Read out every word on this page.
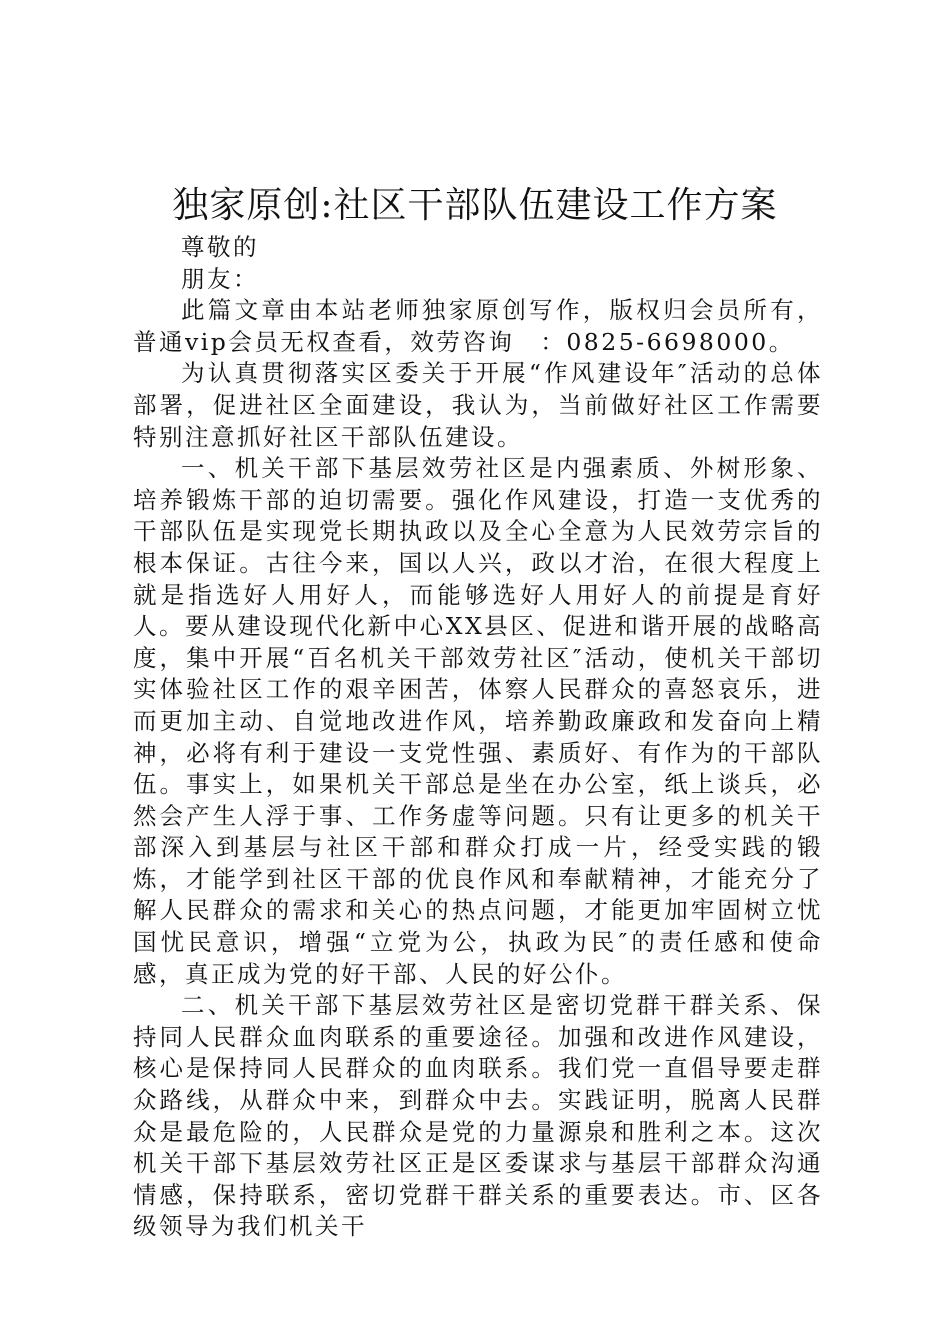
独家原创:社区干部队伍建设工作方案
尊敬的
朋友：

此篇文章由本站老师独家原创写作，版权归会员所有，普通vip会员无权查看，效劳咨询　：0825-6698000。

为认真贯彻落实区委关于开展“作风建设年″活动的总体部署，促进社区全面建设，我认为，当前做好社区工作需要特别注意抓好社区干部队伍建设。

一、机关干部下基层效劳社区是内强素质、外树形象、培养锻炼干部的迫切需要。强化作风建设，打造一支优秀的干部队伍是实现党长期执政以及全心全意为人民效劳宗旨的根本保证。古往今来，国以人兴，政以才治，在很大程度上就是指选好人用好人，而能够选好人用好人的前提是育好人。要从建设现代化新中心XX县区、促进和谐开展的战略高度，集中开展“百名机关干部效劳社区″活动，使机关干部切实体验社区工作的艰辛困苦，体察人民群众的喜怒哀乐，进而更加主动、自觉地改进作风，培养勤政廉政和发奋向上精神，必将有利于建设一支党性强、素质好、有作为的干部队伍。事实上，如果机关干部总是坐在办公室，纸上谈兵，必然会产生人浮于事、工作务虚等问题。只有让更多的机关干部深入到基层与社区干部和群众打成一片，经受实践的锻炼，才能学到社区干部的优良作风和奉献精神，才能充分了解人民群众的需求和关心的热点问题，才能更加牢固树立忧国忧民意识，增强“立党为公，执政为民″的责任感和使命感，真正成为党的好干部、人民的好公仆。

二、机关干部下基层效劳社区是密切党群干群关系、保持同人民群众血肉联系的重要途径。加强和改进作风建设，核心是保持同人民群众的血肉联系。我们党一直倡导要走群众路线，从群众中来，到群众中去。实践证明，脱离人民群众是最危险的，人民群众是党的力量源泉和胜利之本。这次机关干部下基层效劳社区正是区委谋求与基层干部群众沟通情感，保持联系，密切党群干群关系的重要表达。市、区各级领导为我们机关干
